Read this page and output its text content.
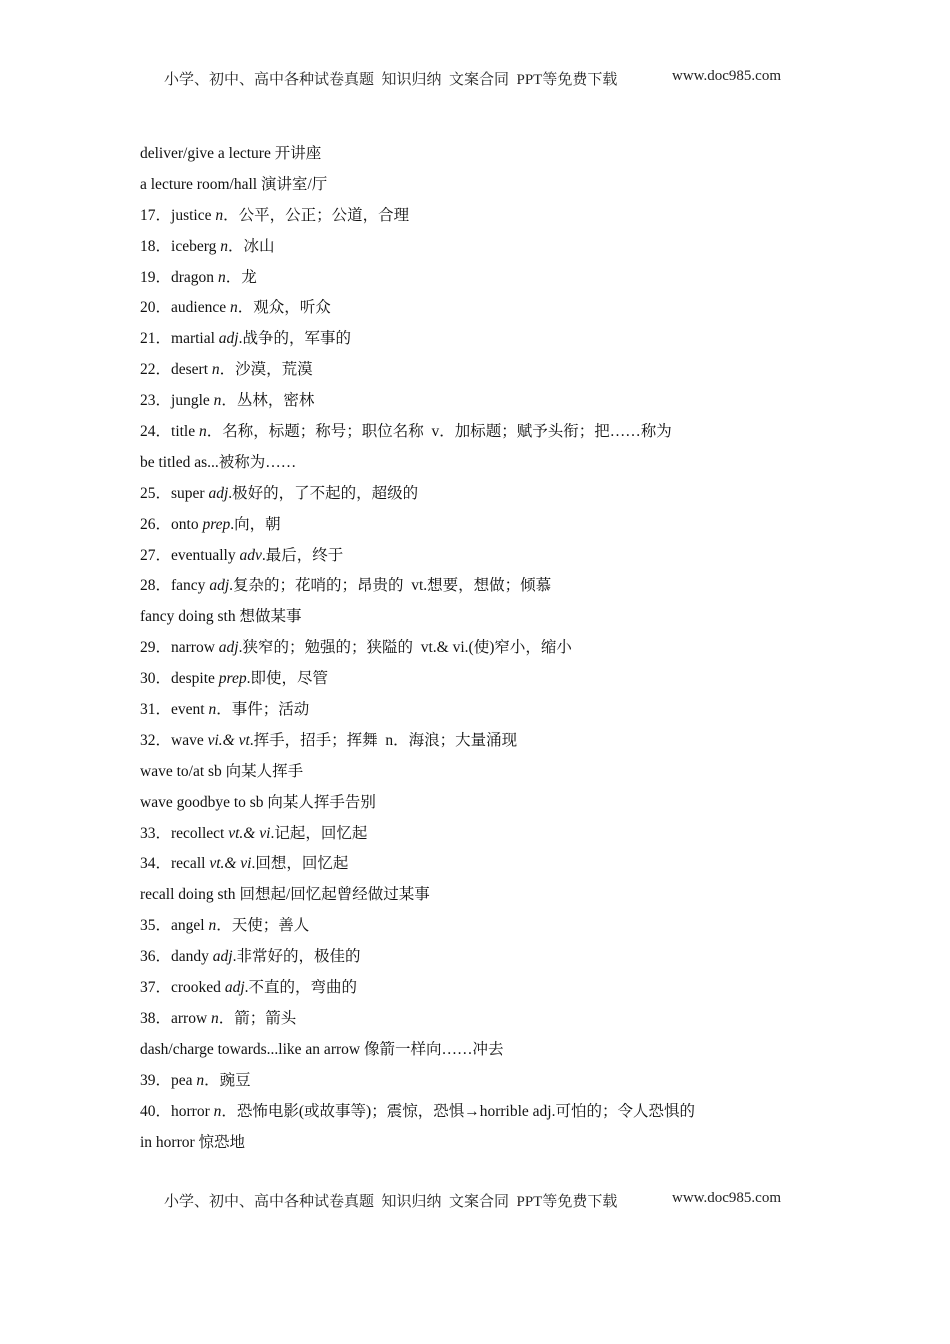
小学、初中、高中各种试卷真题  知识归纳  文案合同  PPT等免费下载

	www.doc985.com

deliver/give a lecture 开讲座
a lecture room/hall 演讲室/厅
17．justice n．公平，公正；公道，合理
18．iceberg n．冰山
19．dragon n．龙
20．audience n．观众，听众
21．martial adj.战争的，军事的
22．desert n．沙漠，荒漠
23．jungle n．丛林，密林
24．title n．名称，标题；称号；职位名称  v．加标题；赋予头衔；把……称为
be titled as...被称为……
25．super adj.极好的，了不起的，超级的
26．onto prep.向，朝
27．eventually adv.最后，终于
28．fancy adj.复杂的；花哨的；昂贵的  vt.想要，想做；倾慕
fancy doing sth 想做某事
29．narrow adj.狭窄的；勉强的；狭隘的  vt.& vi.(使)窄小，缩小
30．despite prep.即使，尽管
31．event n．事件；活动
32．wave vi.& vt.挥手，招手；挥舞  n．海浪；大量涌现
wave to/at sb 向某人挥手
wave goodbye to sb 向某人挥手告别
33．recollect vt.& vi.记起，回忆起
34．recall vt.& vi.回想，回忆起
recall doing sth 回想起/回忆起曾经做过某事
35．angel n．天使；善人
36．dandy adj.非常好的，极佳的
37．crooked adj.不直的，弯曲的
38．arrow n．箭；箭头
dash/charge towards...like an arrow 像箭一样向……冲去
39．pea n．豌豆
40．horror n．恐怖电影(或故事等)；震惊，恐惧→horrible adj.可怕的；令人恐惧的
in horror 惊恐地

小学、初中、高中各种试卷真题  知识归纳  文案合同  PPT等免费下载

	www.doc985.com
